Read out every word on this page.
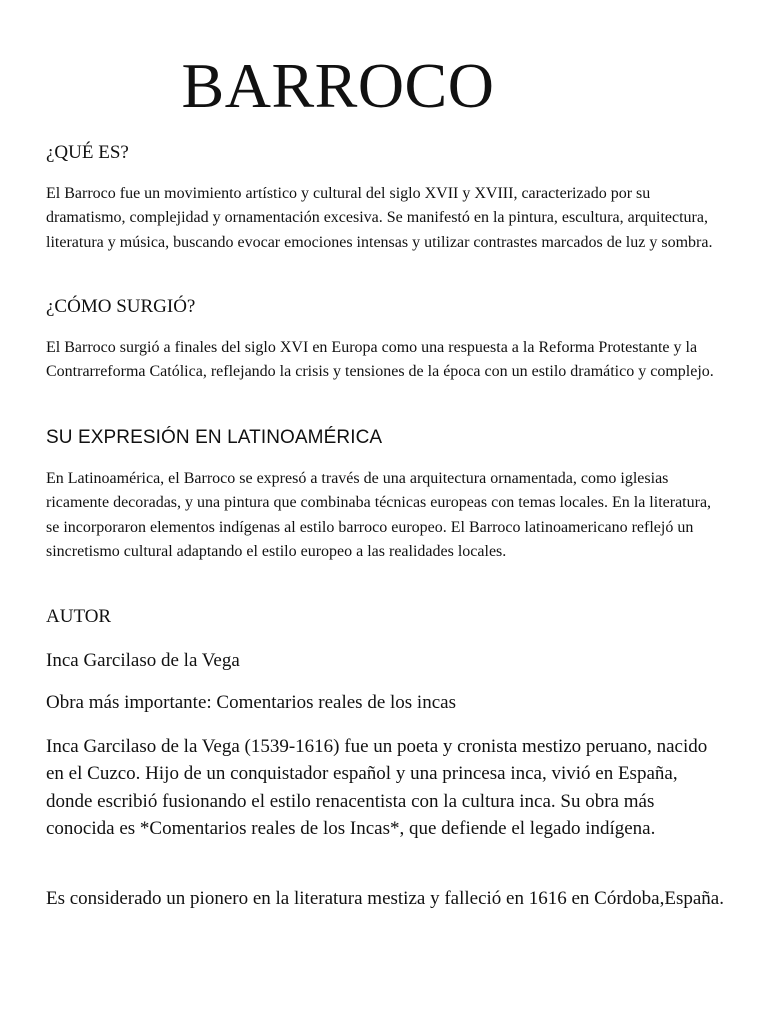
BARROCO
¿QUÉ ES?

El Barroco fue un movimiento artístico y cultural del siglo XVII y XVIII, caracterizado por su dramatismo, complejidad y ornamentación excesiva. Se manifestó en la pintura, escultura, arquitectura, literatura y música, buscando evocar emociones intensas y utilizar contrastes marcados de luz y sombra.

¿CÓMO SURGIÓ?

El Barroco surgió a finales del siglo XVI en Europa como una respuesta a la Reforma Protestante y la Contrarreforma Católica, reflejando la crisis y tensiones de la época con un estilo dramático y complejo.

SU EXPRESIÓN EN LATINOAMÉRICA

En Latinoamérica, el Barroco se expresó a través de una arquitectura ornamentada, como iglesias ricamente decoradas, y una pintura que combinaba técnicas europeas con temas locales. En la literatura, se incorporaron elementos indígenas al estilo barroco europeo. El Barroco latinoamericano reflejó un sincretismo cultural adaptando el estilo europeo a las realidades locales.

AUTOR

Inca Garcilaso de la Vega

Obra más importante: Comentarios reales de los incas

Inca Garcilaso de la Vega (1539-1616) fue un poeta y cronista mestizo peruano, nacido en el Cuzco. Hijo de un conquistador español y una princesa inca, vivió en España, donde escribió fusionando el estilo renacentista con la cultura inca. Su obra más conocida es *Comentarios reales de los Incas*, que defiende el legado indígena.

Es considerado un pionero en la literatura mestiza y falleció en 1616 en Córdoba,España.
